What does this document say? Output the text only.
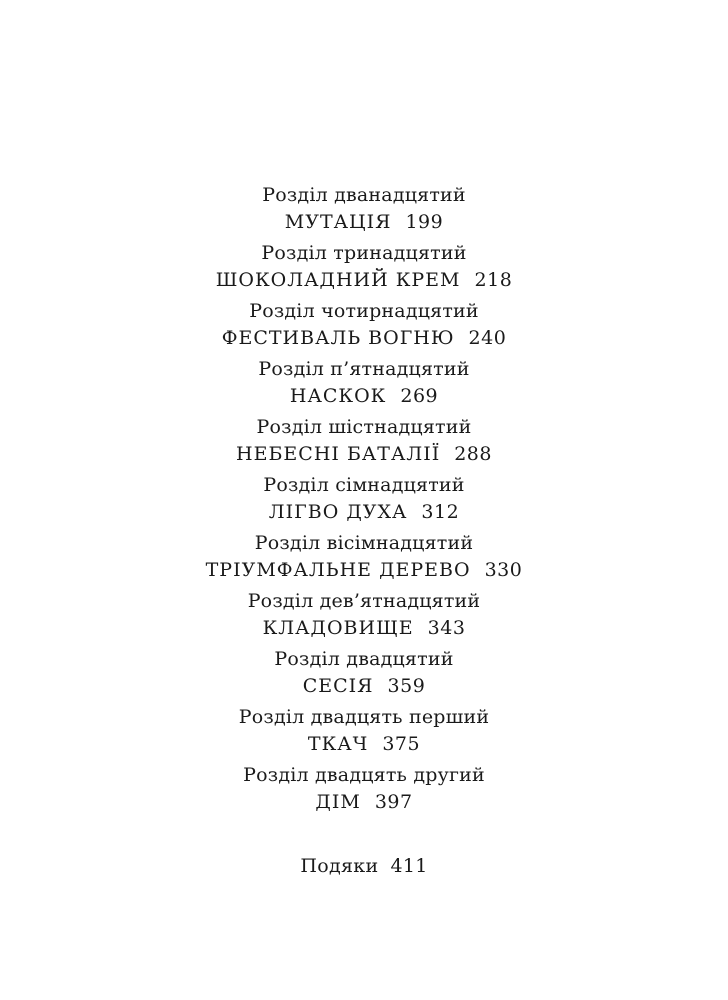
Розділ дванадцятий
МУТАЦІЯ 199
Розділ тринадцятий
ШОКОЛАДНИЙ КРЕМ 218
Розділ чотирнадцятий
ФЕСТИВАЛЬ ВОГНЮ 240
Розділ п’ятнадцятий
НАСКОК 269
Розділ шістнадцятий
НЕБЕСНІ БАТАЛІЇ 288
Розділ сімнадцятий
ЛІГВО ДУХА 312
Розділ вісімнадцятий
ТРІУМФАЛЬНЕ ДЕРЕВО 330
Розділ дев’ятнадцятий
КЛАДОВИЩЕ 343
Розділ двадцятий
СЕСІЯ 359
Розділ двадцять перший
ТКАЧ 375
Розділ двадцять другий
ДІМ 397
Подяки 411
